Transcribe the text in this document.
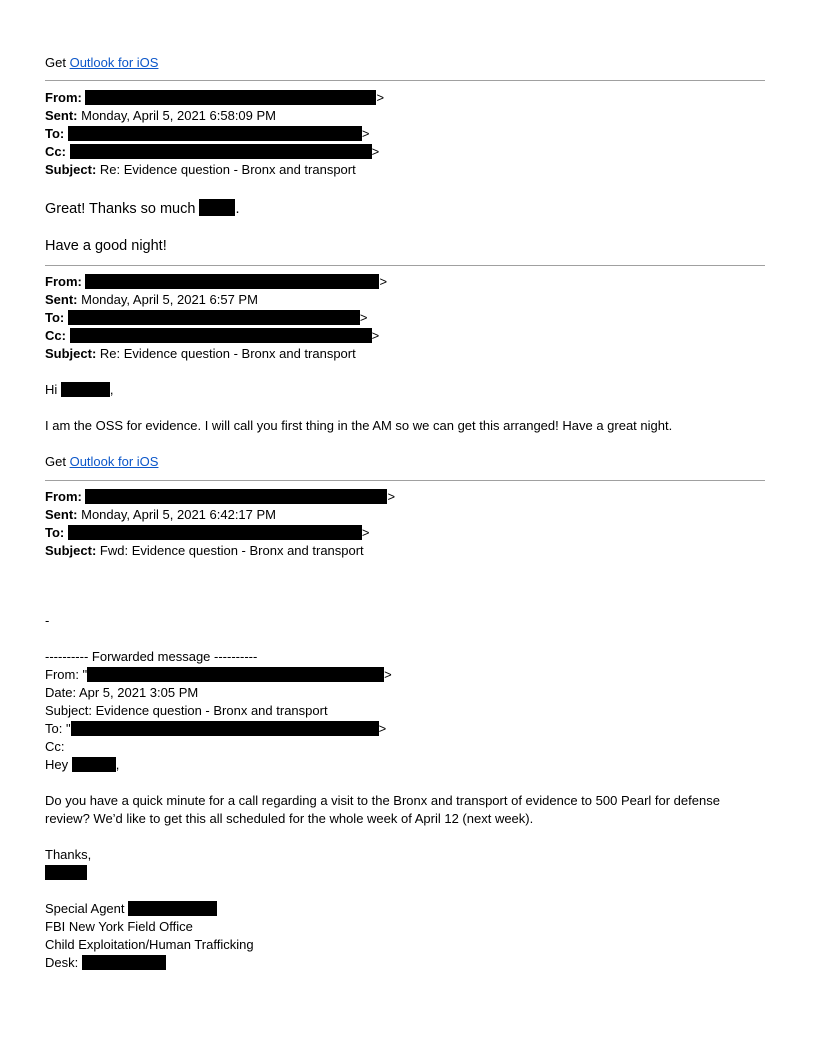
Get Outlook for iOS
From:	>
Sent: Monday, April 5, 2021 6:58:09 PM
To:	>
Cc:	>
Subject: Re: Evidence question - Bronx and transport
Great! Thanks so much	.
Have a good night!
From:	>
Sent: Monday, April 5, 2021 6:57 PM
To:	>
Cc:	>
Subject: Re: Evidence question - Bronx and transport
Hi	,
I am the OSS for evidence. I will call you first thing in the AM so we can get this arranged! Have a great night.
Get Outlook for iOS
From:	>
Sent: Monday, April 5, 2021 6:42:17 PM
To:	>
Subject: Fwd: Evidence question - Bronx and transport
-
---------- Forwarded message ----------
From: "	>
Date: Apr 5, 2021 3:05 PM
Subject: Evidence question - Bronx and transport
To: "	>
Cc:
Hey	,
Do you have a quick minute for a call regarding a visit to the Bronx and transport of evidence to 500 Pearl for defense
review? We’d like to get this all scheduled for the whole week of April 12 (next week).
Thanks,
Special Agent
FBI New York Field Office
Child Exploitation/Human Trafficking
Desk:
